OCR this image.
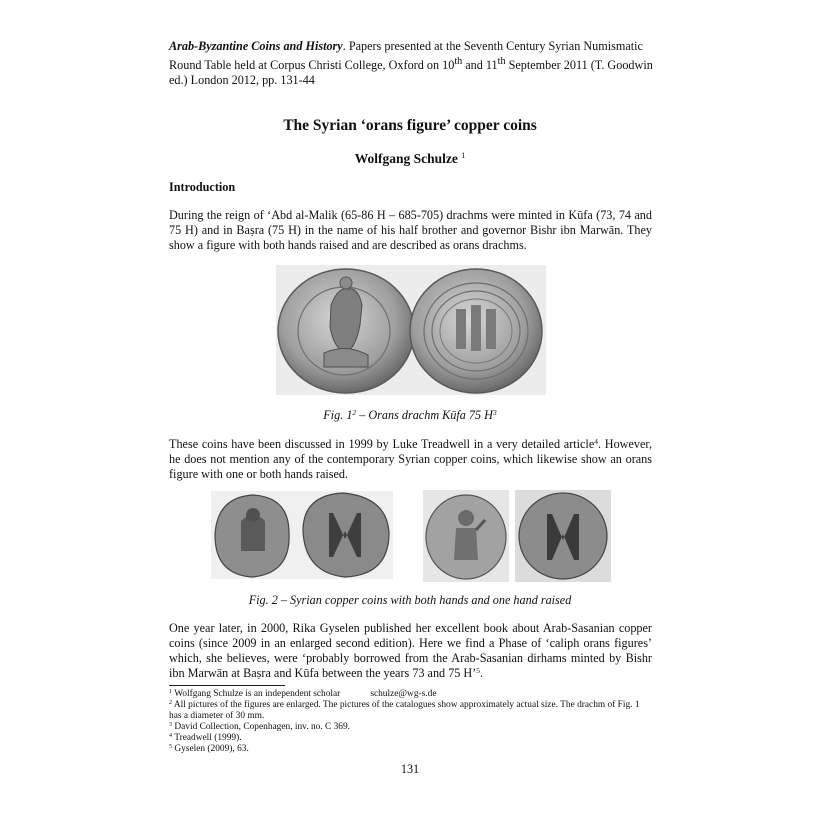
Arab-Byzantine Coins and History. Papers presented at the Seventh Century Syrian Numismatic Round Table held at Corpus Christi College, Oxford on 10th and 11th September 2011 (T. Goodwin ed.) London 2012, pp. 131-44
The Syrian ‘orans figure’ copper coins
Wolfgang Schulze $^1$
Introduction
During the reign of ‘Abd al-Malik (65-86 H – 685-705) drachms were minted in Kūfa (73, 74 and 75 H) and in Baṣra (75 H) in the name of his half brother and governor Bishr ibn Marwān. They show a figure with both hands raised and are described as orans drachms.
Fig. $1^2$ – Orans drachm Kūfa 75 $H^3$
These coins have been discussed in 1999 by Luke Treadwell in a very detailed article$^4$. However, he does not mention any of the contemporary Syrian copper coins, which likewise show an orans figure with one or both hands raised.
Fig. 2 – Syrian copper coins with both hands and one hand raised
One year later, in 2000, Rika Gyselen published her excellent book about Arab-Sasanian copper coins (since 2009 in an enlarged second edition). Here we find a Phase of ‘caliph orans figures’ which, she believes, were ‘probably borrowed from the Arab-Sasanian dirhams minted by Bishr ibn Marwān at Baṣra and Kūfa between the years 73 and 75 H’$^5$.
$^1$ Wolfgang Schulze is an independent scholar	schulze@wg-s.de
$^2$ All pictures of the figures are enlarged. The pictures of the catalogues show approximately actual size. The drachm of Fig. 1 has a diameter of 30 mm.
$^3$ David Collection, Copenhagen, inv. no. C 369.
$^4$ Treadwell (1999).
$^5$ Gyselen (2009), 63.
131
